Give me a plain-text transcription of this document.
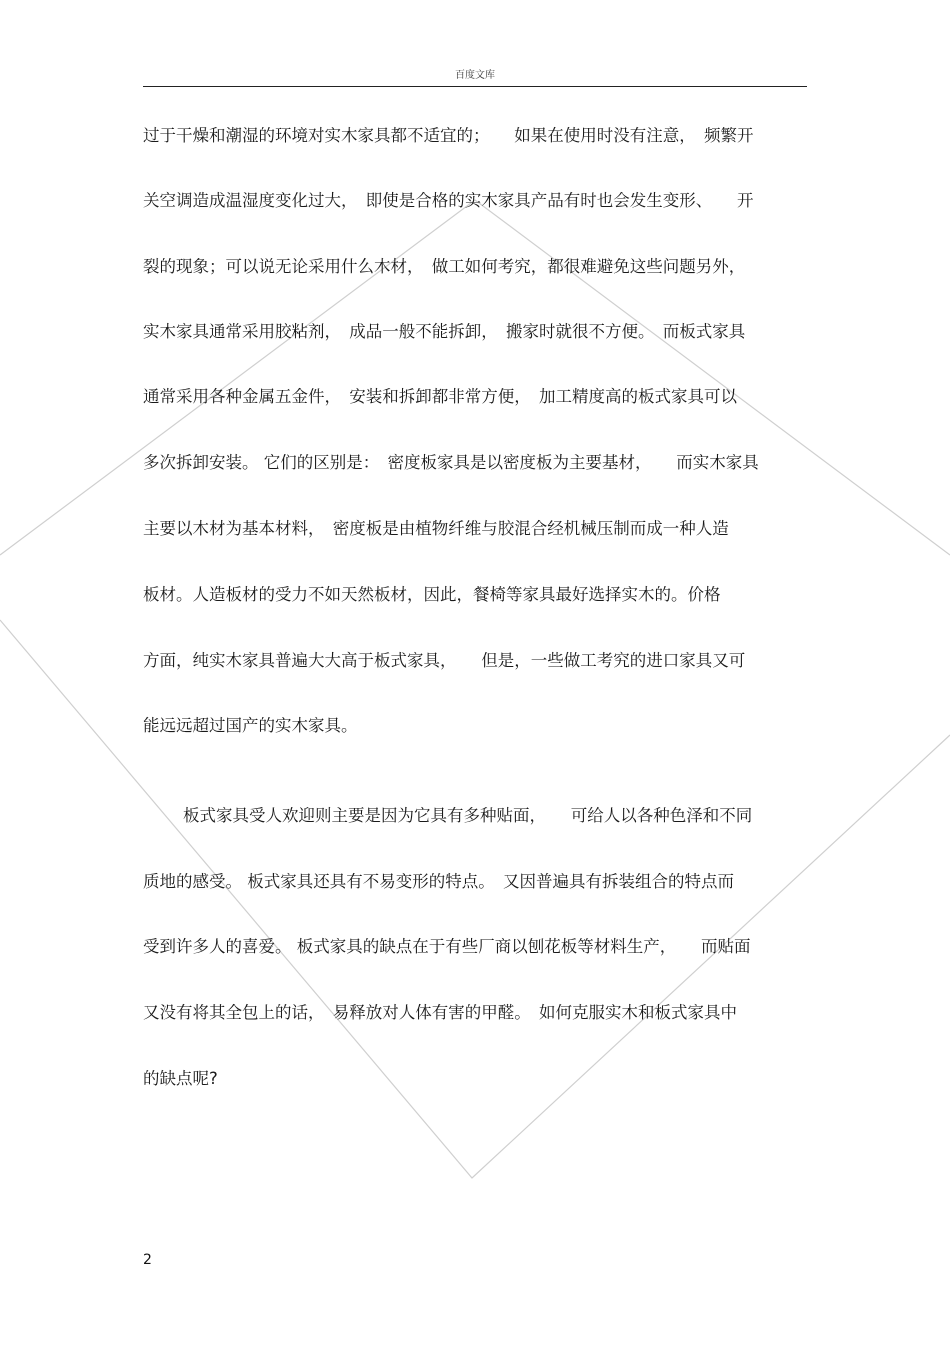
百度文库
过于干燥和潮湿的环境对实木家具都不适宜的；　　如果在使用时没有注意，　频繁开
关空调造成温湿度变化过大，　即使是合格的实木家具产品有时也会发生变形、　　开
裂的现象；可以说无论采用什么木材，　做工如何考究，都很难避免这些问题另外，
实木家具通常采用胶粘剂，　成品一般不能拆卸，　搬家时就很不方便。　而板式家具
通常采用各种金属五金件，　安装和拆卸都非常方便，　加工精度高的板式家具可以
多次拆卸安装。 它们的区别是：　密度板家具是以密度板为主要基材，　　而实木家具
主要以木材为基本材料，　密度板是由植物纤维与胶混合经机械压制而成一种人造
板材。人造板材的受力不如天然板材，因此，餐椅等家具最好选择实木的。价格
方面，纯实木家具普遍大大高于板式家具，　　但是，一些做工考究的进口家具又可
能远远超过国产的实木家具。
板式家具受人欢迎则主要是因为它具有多种贴面，　　可给人以各种色泽和不同
质地的感受。 板式家具还具有不易变形的特点。　又因普遍具有拆装组合的特点而
受到许多人的喜爱。 板式家具的缺点在于有些厂商以刨花板等材料生产，　　而贴面
又没有将其全包上的话，　易释放对人体有害的甲醛。　如何克服实木和板式家具中
的缺点呢?
2
